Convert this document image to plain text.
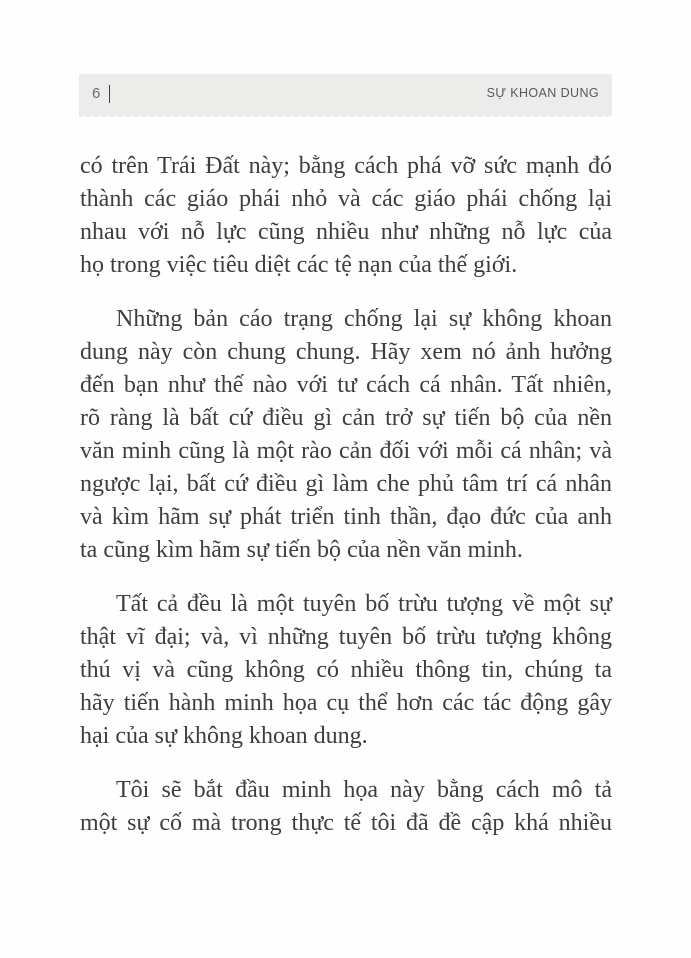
6	SỰ KHOAN DUNG
có trên Trái Đất này; bằng cách phá vỡ sức mạnh đó
thành các giáo phái nhỏ và các giáo phái chống lại
nhau với nỗ lực cũng nhiều như những nỗ lực của
họ trong việc tiêu diệt các tệ nạn của thế giới.
Những bản cáo trạng chống lại sự không khoan
dung này còn chung chung. Hãy xem nó ảnh hưởng
đến bạn như thế nào với tư cách cá nhân. Tất nhiên,
rõ ràng là bất cứ điều gì cản trở sự tiến bộ của nền
văn minh cũng là một rào cản đối với mỗi cá nhân; và
ngược lại, bất cứ điều gì làm che phủ tâm trí cá nhân
và kìm hãm sự phát triển tinh thần, đạo đức của anh
ta cũng kìm hãm sự tiến bộ của nền văn minh.
Tất cả đều là một tuyên bố trừu tượng về một sự
thật vĩ đại; và, vì những tuyên bố trừu tượng không
thú vị và cũng không có nhiều thông tin, chúng ta
hãy tiến hành minh họa cụ thể hơn các tác động gây
hại của sự không khoan dung.
Tôi sẽ bắt đầu minh họa này bằng cách mô tả
một sự cố mà trong thực tế tôi đã đề cập khá nhiều
